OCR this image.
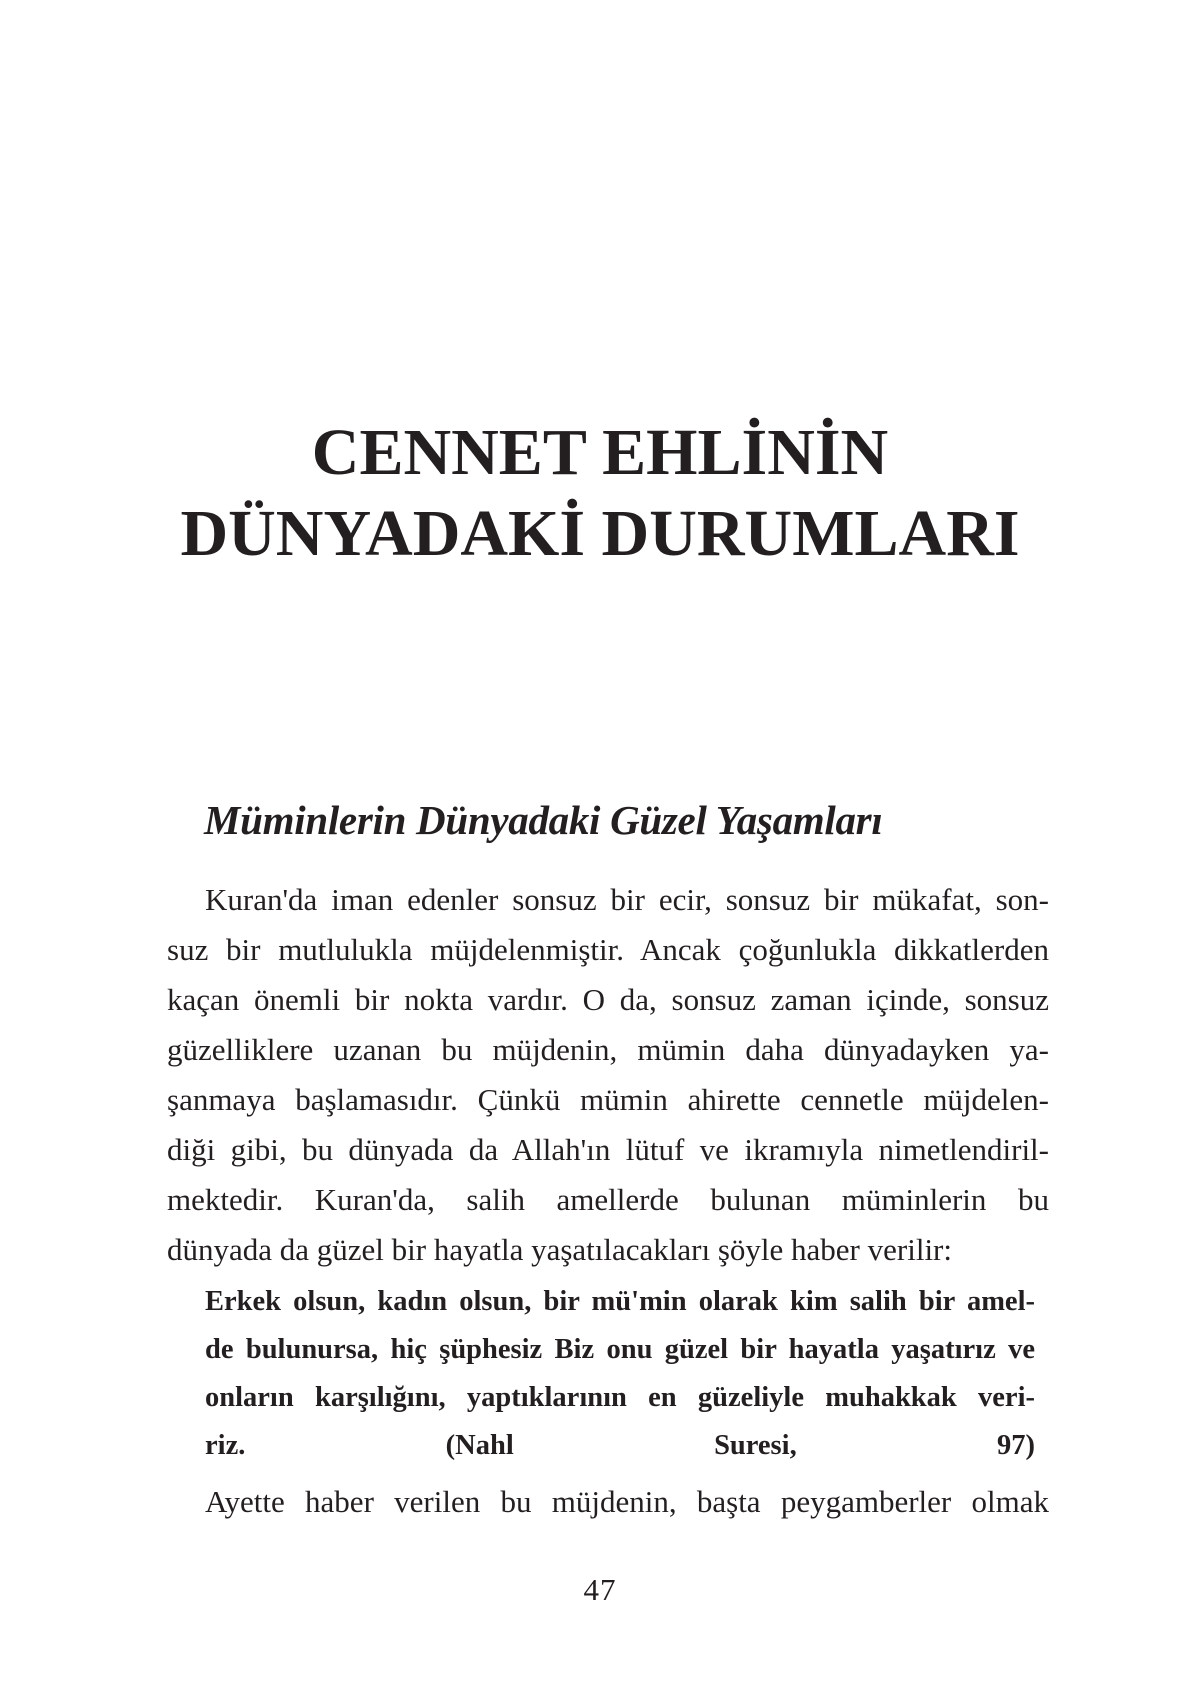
CENNET EHLİNİN
DÜNYADAKİ DURUMLARI
Müminlerin Dünyadaki Güzel Yaşamları
Kuran'da iman edenler sonsuz bir ecir, sonsuz bir mükafat, son-
suz bir mutlulukla müjdelenmiştir. Ancak çoğunlukla dikkatlerden
kaçan önemli bir nokta vardır. O da, sonsuz zaman içinde, sonsuz
güzelliklere uzanan bu müjdenin, mümin daha dünyadayken ya-
şanmaya başlamasıdır. Çünkü mümin ahirette cennetle müjdelen-
diği gibi, bu dünyada da Allah'ın lütuf ve ikramıyla nimetlendiril-
mektedir. Kuran'da, salih amellerde bulunan müminlerin bu
dünyada da güzel bir hayatla yaşatılacakları şöyle haber verilir:
Erkek olsun, kadın olsun, bir mü'min olarak kim salih bir amel-
de bulunursa, hiç şüphesiz Biz onu güzel bir hayatla yaşatırız ve
onların karşılığını, yaptıklarının en güzeliyle muhakkak veri-
riz. (Nahl Suresi, 97)
Ayette haber verilen bu müjdenin, başta peygamberler olmak
47
